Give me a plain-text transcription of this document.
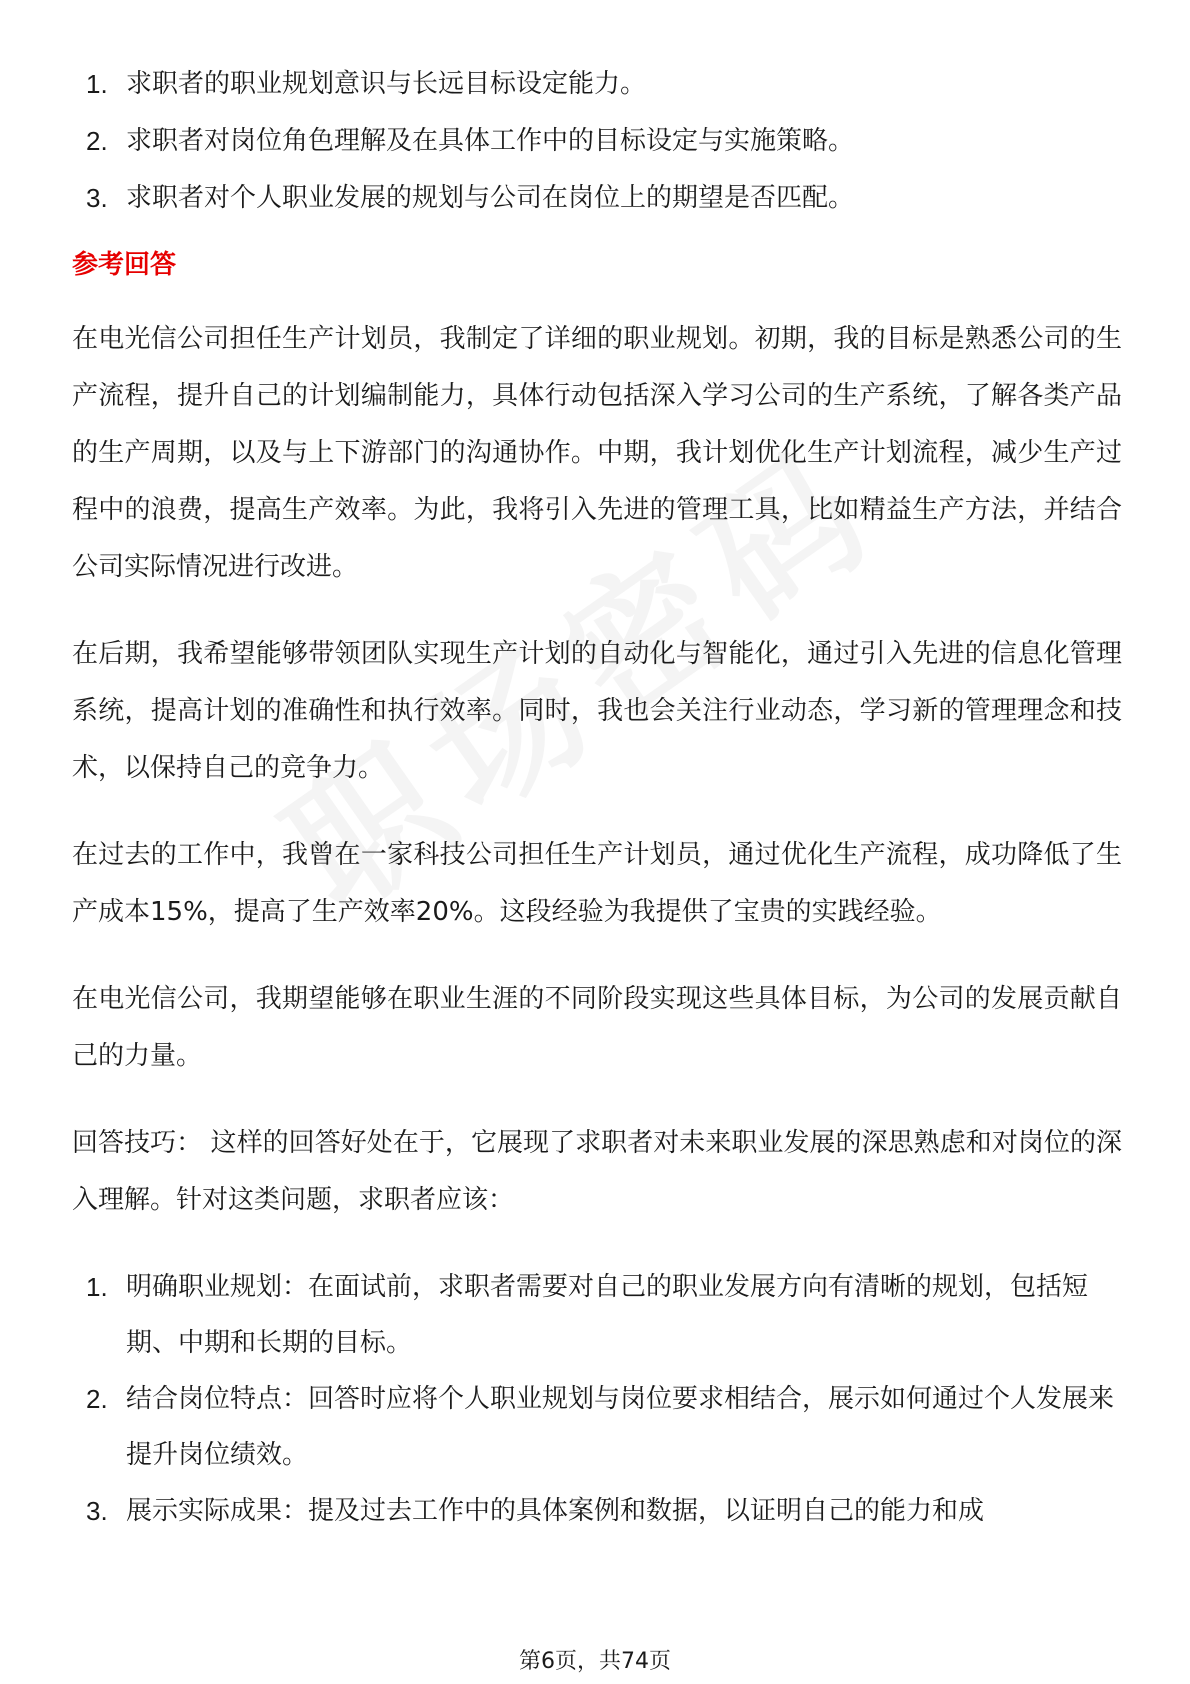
1. 求职者的职业规划意识与长远目标设定能力。
2. 求职者对岗位角色理解及在具体工作中的目标设定与实施策略。
3. 求职者对个人职业发展的规划与公司在岗位上的期望是否匹配。
参考回答

在电光信公司担任生产计划员，我制定了详细的职业规划。初期，我的目标是熟悉公司的生产流程，提升自己的计划编制能力，具体行动包括深入学习公司的生产系统，了解各类产品的生产周期，以及与上下游部门的沟通协作。中期，我计划优化生产计划流程，减少生产过程中的浪费，提高生产效率。为此，我将引入先进的管理工具，比如精益生产方法，并结合公司实际情况进行改进。

在后期，我希望能够带领团队实现生产计划的自动化与智能化，通过引入先进的信息化管理系统，提高计划的准确性和执行效率。同时，我也会关注行业动态，学习新的管理理念和技术，以保持自己的竞争力。

在过去的工作中，我曾在一家科技公司担任生产计划员，通过优化生产流程，成功降低了生产成本15%，提高了生产效率20%。这段经验为我提供了宝贵的实践经验。

在电光信公司，我期望能够在职业生涯的不同阶段实现这些具体目标，为公司的发展贡献自己的力量。

回答技巧： 这样的回答好处在于，它展现了求职者对未来职业发展的深思熟虑和对岗位的深入理解。针对这类问题，求职者应该：

1. 明确职业规划：在面试前，求职者需要对自己的职业发展方向有清晰的规划，包括短期、中期和长期的目标。
2. 结合岗位特点：回答时应将个人职业规划与岗位要求相结合，展示如何通过个人发展来提升岗位绩效。
3. 展示实际成果：提及过去工作中的具体案例和数据，以证明自己的能力和成
第6页，共74页
